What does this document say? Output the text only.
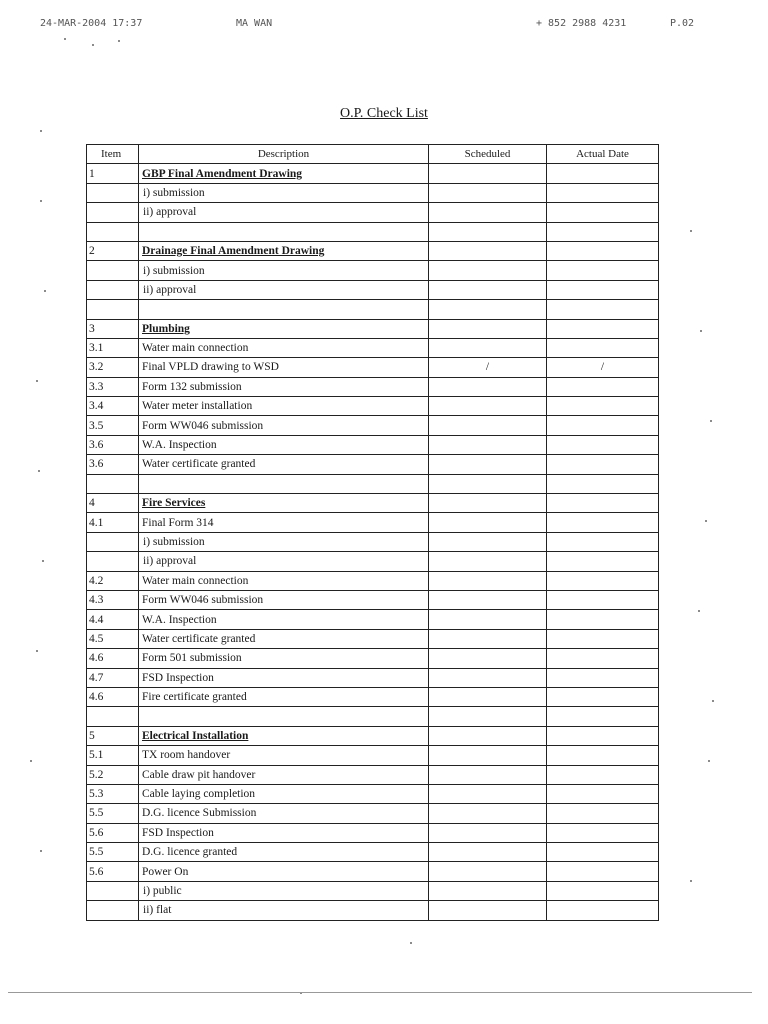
24-MAR-2004 17:37	MA WAN	+ 852 2988 4231	P.02
O.P. Check List
Item	Description	Scheduled	Actual Date
1	GBP Final Amendment Drawing		
	i) submission		
	ii) approval		

2	Drainage Final Amendment Drawing		
	i) submission		
	ii) approval		

3	Plumbing		
3.1	Water main connection		
3.2	Final VPLD drawing to WSD	/	/
3.3	Form 132 submission		
3.4	Water meter installation		
3.5	Form WW046 submission		
3.6	W.A. Inspection		
3.6	Water certificate granted		

4	Fire Services		
4.1	Final Form 314		
	i) submission		
	ii) approval		
4.2	Water main connection		
4.3	Form WW046 submission		
4.4	W.A. Inspection		
4.5	Water certificate granted		
4.6	Form 501 submission		
4.7	FSD Inspection		
4.6	Fire certificate granted		

5	Electrical Installation		
5.1	TX room handover		
5.2	Cable draw pit handover		
5.3	Cable laying completion		
5.5	D.G. licence Submission		
5.6	FSD Inspection		
5.5	D.G. licence granted		
5.6	Power On		
	i) public		
	ii) flat		
